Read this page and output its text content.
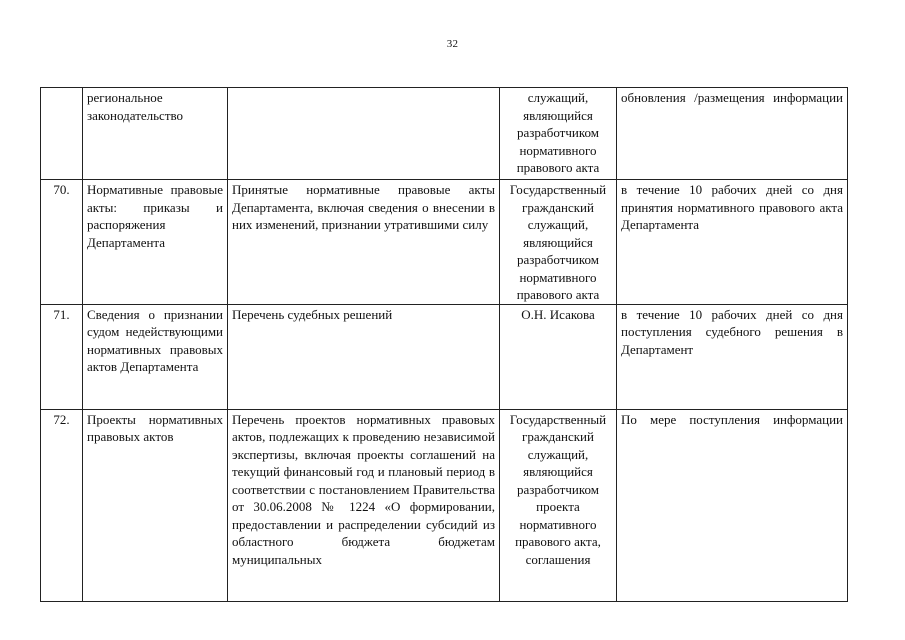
32
	региональное законодательство		служащий, являющийся разработчиком нормативного правового акта	обновления /размещения информации

70.	Нормативные правовые акты: приказы и распоряжения Департамента	Принятые нормативные правовые акты Департамента, включая сведения о внесении в них изменений, признании утратившими силу	Государственный гражданский служащий, являющийся разработчиком нормативного правового акта	в течение 10 рабочих дней со дня принятия нормативного правового акта Департамента
71.	Сведения о признании судом недействующими нормативных правовых актов Департамента	Перечень судебных решений	О.Н. Исакова	в течение 10 рабочих дней со дня поступления судебного решения в Департамент
72.	Проекты нормативных правовых актов	Перечень проектов нормативных правовых актов, подлежащих к проведению независимой экспертизы, включая проекты соглашений на текущий финансовый год и плановый период в соответствии с постановлением Правительства от 30.06.2008 № 1224 «О формировании, предоставлении и распределении субсидий из областного бюджета бюджетам муниципальных	Государственный гражданский служащий, являющийся разработчиком проекта нормативного правового акта, соглашения	По мере поступления информации
